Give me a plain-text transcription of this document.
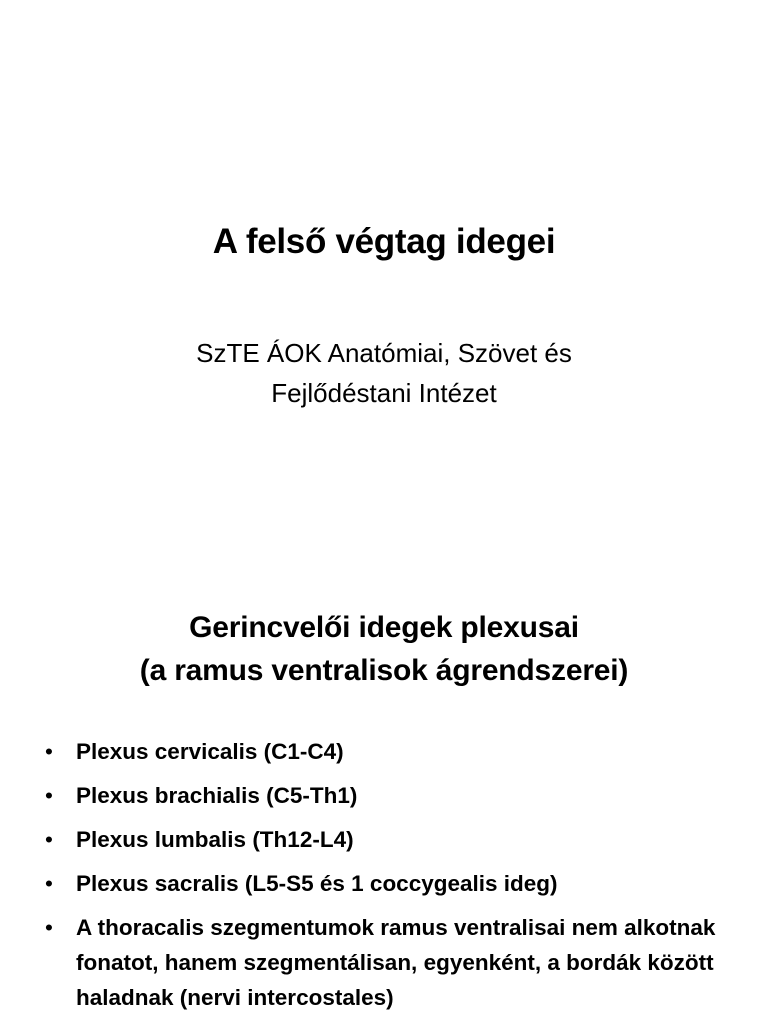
A felső végtag idegei
SzTE ÁOK Anatómiai, Szövet és
Fejlődéstani Intézet
Gerincvelői idegek plexusai
(a ramus ventralisok ágrendszerei)
• Plexus cervicalis (C1-C4)
• Plexus brachialis (C5-Th1)
• Plexus lumbalis (Th12-L4)
• Plexus sacralis (L5-S5 és 1 coccygealis ideg)
• A thoracalis szegmentumok ramus ventralisai nem alkotnak fonatot, hanem szegmentálisan, egyenként, a bordák között haladnak (nervi intercostales)
